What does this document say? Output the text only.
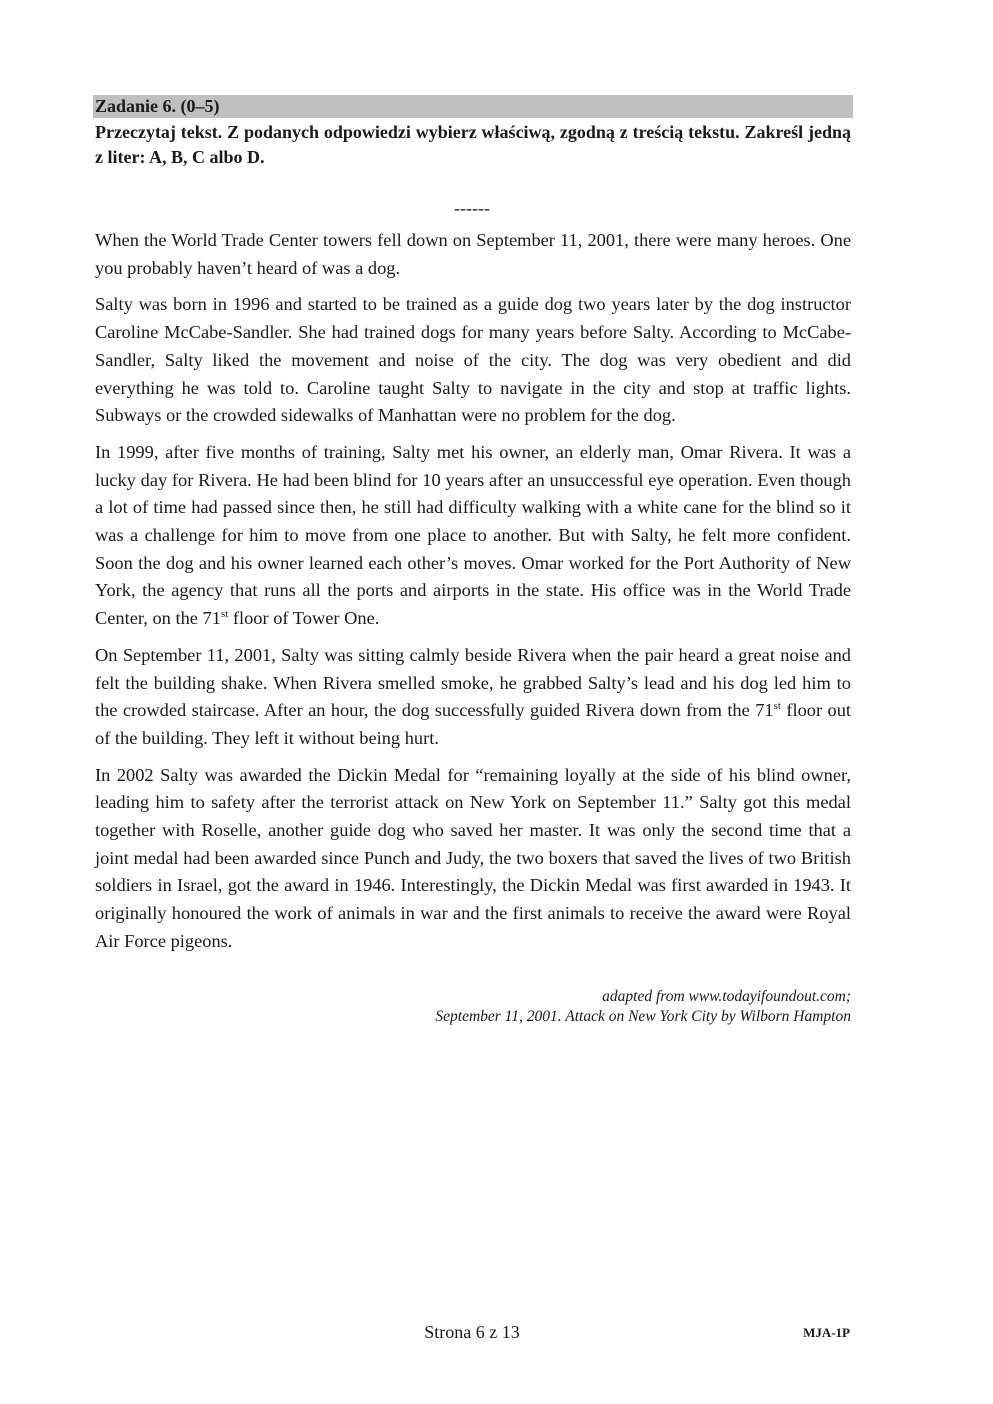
Zadanie 6. (0–5)
Przeczytaj tekst. Z podanych odpowiedzi wybierz właściwą, zgodną z treścią tekstu. Zakreśl jedną z liter: A, B, C albo D.
------

When the World Trade Center towers fell down on September 11, 2001, there were many heroes. One you probably haven’t heard of was a dog.

Salty was born in 1996 and started to be trained as a guide dog two years later by the dog instructor Caroline McCabe-Sandler. She had trained dogs for many years before Salty. According to McCabe-Sandler, Salty liked the movement and noise of the city. The dog was very obedient and did everything he was told to. Caroline taught Salty to navigate in the city and stop at traffic lights. Subways or the crowded sidewalks of Manhattan were no problem for the dog.

In 1999, after five months of training, Salty met his owner, an elderly man, Omar Rivera. It was a lucky day for Rivera. He had been blind for 10 years after an unsuccessful eye operation. Even though a lot of time had passed since then, he still had difficulty walking with a white cane for the blind so it was a challenge for him to move from one place to another. But with Salty, he felt more confident. Soon the dog and his owner learned each other’s moves. Omar worked for the Port Authority of New York, the agency that runs all the ports and airports in the state. His office was in the World Trade Center, on the 71st floor of Tower One.

On September 11, 2001, Salty was sitting calmly beside Rivera when the pair heard a great noise and felt the building shake. When Rivera smelled smoke, he grabbed Salty’s lead and his dog led him to the crowded staircase. After an hour, the dog successfully guided Rivera down from the 71st floor out of the building. They left it without being hurt.

In 2002 Salty was awarded the Dickin Medal for “remaining loyally at the side of his blind owner, leading him to safety after the terrorist attack on New York on September 11.” Salty got this medal together with Roselle, another guide dog who saved her master. It was only the second time that a joint medal had been awarded since Punch and Judy, the two boxers that saved the lives of two British soldiers in Israel, got the award in 1946. Interestingly, the Dickin Medal was first awarded in 1943. It originally honoured the work of animals in war and the first animals to receive the award were Royal Air Force pigeons.

adapted from www.todayifoundout.com;
September 11, 2001. Attack on New York City by Wilborn Hampton
Strona 6 z 13	MJA-1P
